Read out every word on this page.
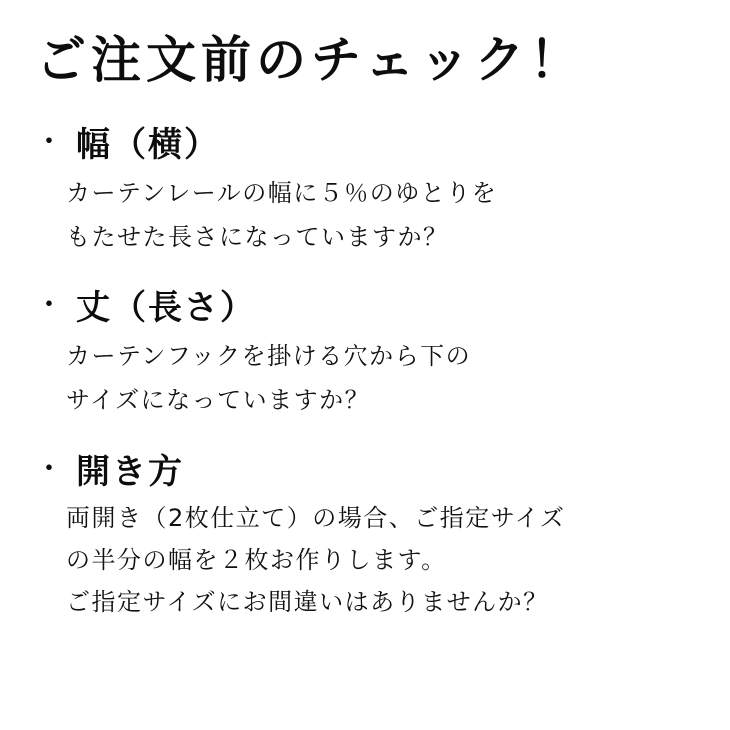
ご注文前のチェック！
・ 幅（横）
カーテンレールの幅に５％のゆとりを
もたせた長さになっていますか？
・ 丈（長さ）
カーテンフックを掛ける穴から下の
サイズになっていますか？
・ 開き方
両開き（2枚仕立て）の場合、ご指定サイズ
の半分の幅を２枚お作りします。
ご指定サイズにお間違いはありませんか？
